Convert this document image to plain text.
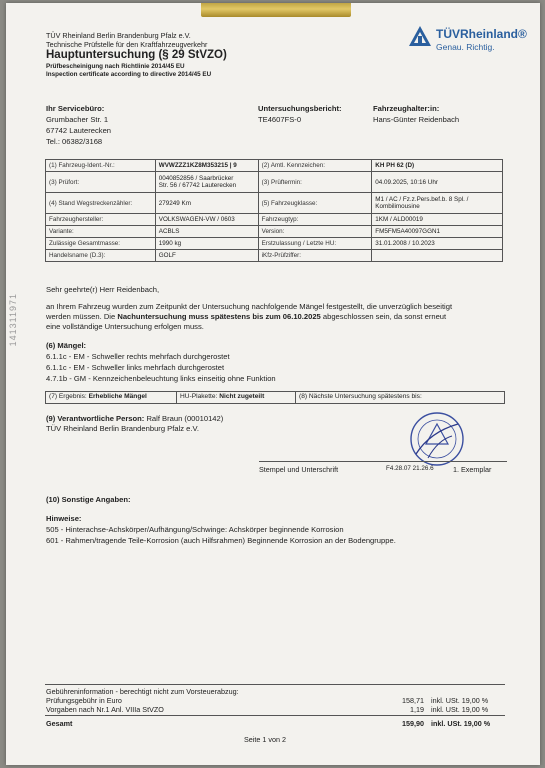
141311971
TÜV Rheinland Berlin Brandenburg Pfalz e.V.
Technische Prüfstelle für den Kraftfahrzeugverkehr
Hauptuntersuchung (§ 29 StVZO)
Prüfbescheinigung nach Richtlinie 2014/45 EU
Inspection certificate according to directive 2014/45 EU
TÜVRheinland®
Genau. Richtig.
Ihr Servicebüro:
Grumbacher Str. 1
67742 Lauterecken
Tel.: 06382/3168
Untersuchungsbericht:
TE4607FS-0
Fahrzeughalter:in:
Hans-Günter Reidenbach
(1) Fahrzeug-Ident.-Nr.:	WVWZZZ1KZ8M353215 | 9	(2) Amtl. Kennzeichen:	KH PH 62 (D)
(3) Prüfort:	0040852856 / Saarbrücker
Str. 56 / 67742 Lauterecken	(3) Prüftermin:	04.09.2025, 10:16 Uhr
(4) Stand Wegstreckenzähler:	279249 Km	(5) Fahrzeugklasse:	M1 / AC / Fz.z.Pers.bef.b. 8 Spl. /
Kombilimousine

Fahrzeughersteller:	VOLKSWAGEN-VW / 0603	Fahrzeugtyp:	1KM / ALD00019
Variante:	ACBLS	Version:	FM5FM5A40097GGN1
Zulässige Gesamtmasse:	1990 kg	Erstzulassung / Letzte HU:	31.01.2008 / 10.2023
Handelsname (D.3):	GOLF	iKfz-Prüfziffer:	
Sehr geehrte(r) Herr Reidenbach,
an Ihrem Fahrzeug wurden zum Zeitpunkt der Untersuchung nachfolgende Mängel festgestellt, die unverzüglich beseitigt
werden müssen. Die Nachuntersuchung muss spätestens bis zum 06.10.2025 abgeschlossen sein, da sonst erneut
eine vollständige Untersuchung erfolgen muss.
(6) Mängel:
6.1.1c - EM - Schweller rechts mehrfach durchgerostet
6.1.1c - EM - Schweller links mehrfach durchgerostet
4.7.1b - GM - Kennzeichenbeleuchtung links einseitig ohne Funktion
(7) Ergebnis: Erhebliche Mängel	HU-Plakette: Nicht zugeteilt	(8) Nächste Untersuchung spätestens bis:
(9) Verantwortliche Person: Ralf Braun (00010142)
TÜV Rheinland Berlin Brandenburg Pfalz e.V.
Stempel und Unterschrift	F4.28.07 21.26.6	1. Exemplar
(10) Sonstige Angaben:
Hinweise:
505 - Hinterachse-Achskörper/Aufhängung/Schwinge: Achskörper beginnende Korrosion
601 - Rahmen/tragende Teile-Korrosion (auch Hilfsrahmen) Beginnende Korrosion an der Bodengruppe.
Gebühreninformation - berechtigt nicht zum Vorsteuerabzug:
Prüfungsgebühr in Euro	158,71 inkl. USt. 19,00 %
Vorgaben nach Nr.1 Anl. VIIIa StVZO	1,19 inkl. USt. 19,00 %
Gesamt	159,90 inkl. USt. 19,00 %
Seite 1 von 2
